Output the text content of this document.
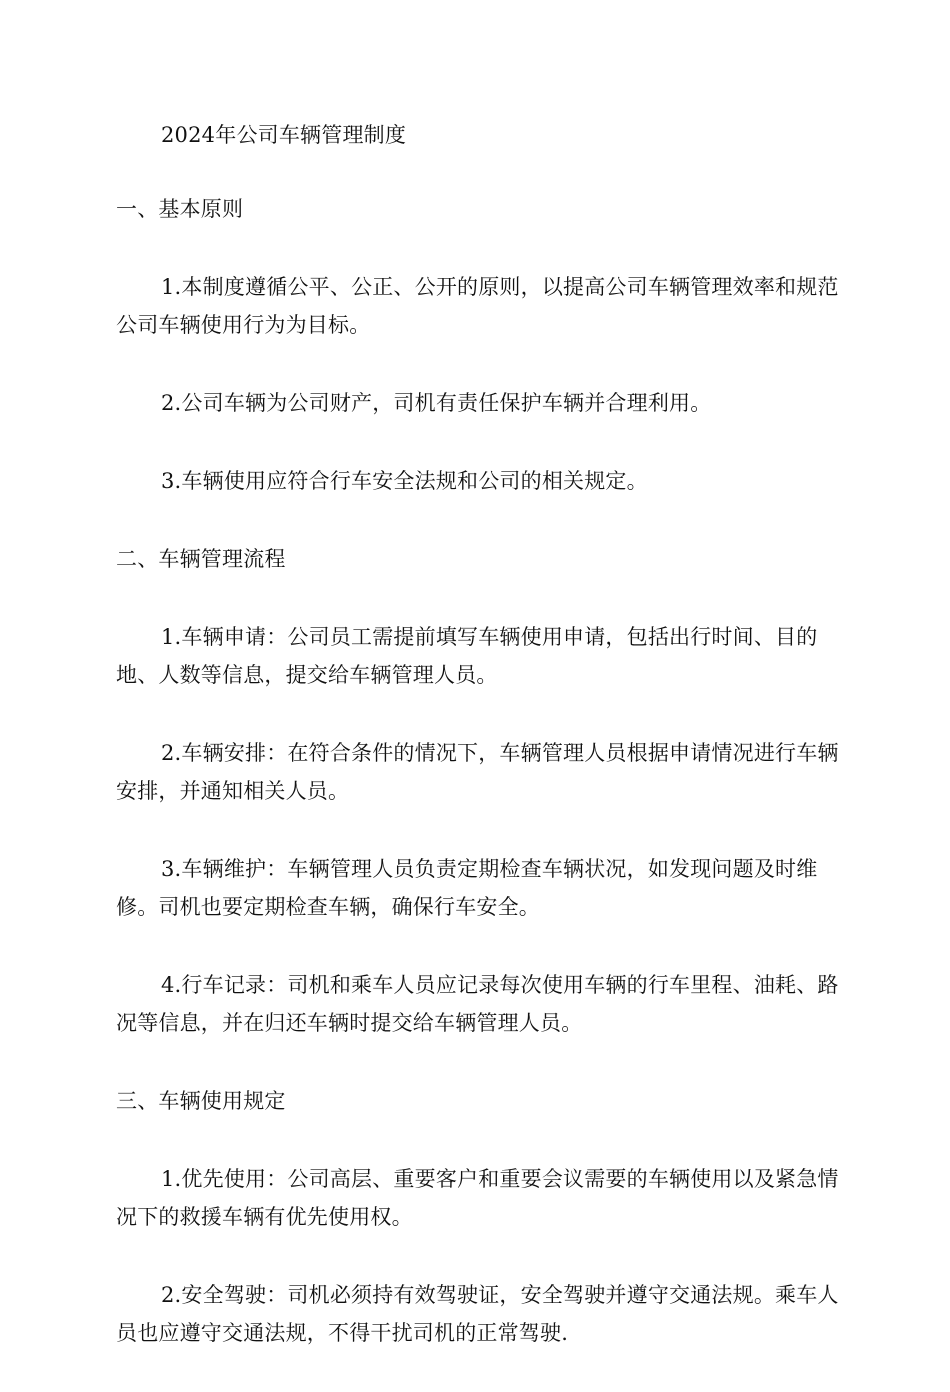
2024年公司车辆管理制度
一、基本原则

1.本制度遵循公平、公正、公开的原则，以提高公司车辆管理效率和规范公司车辆使用行为为目标。

2.公司车辆为公司财产，司机有责任保护车辆并合理利用。

3.车辆使用应符合行车安全法规和公司的相关规定。

二、车辆管理流程

1.车辆申请：公司员工需提前填写车辆使用申请，包括出行时间、目的地、人数等信息，提交给车辆管理人员。

2.车辆安排：在符合条件的情况下，车辆管理人员根据申请情况进行车辆安排，并通知相关人员。

3.车辆维护：车辆管理人员负责定期检查车辆状况，如发现问题及时维修。司机也要定期检查车辆，确保行车安全。

4.行车记录：司机和乘车人员应记录每次使用车辆的行车里程、油耗、路况等信息，并在归还车辆时提交给车辆管理人员。

三、车辆使用规定

1.优先使用：公司高层、重要客户和重要会议需要的车辆使用以及紧急情况下的救援车辆有优先使用权。

2.安全驾驶：司机必须持有效驾驶证，安全驾驶并遵守交通法规。乘车人员也应遵守交通法规，不得干扰司机的正常驾驶.
